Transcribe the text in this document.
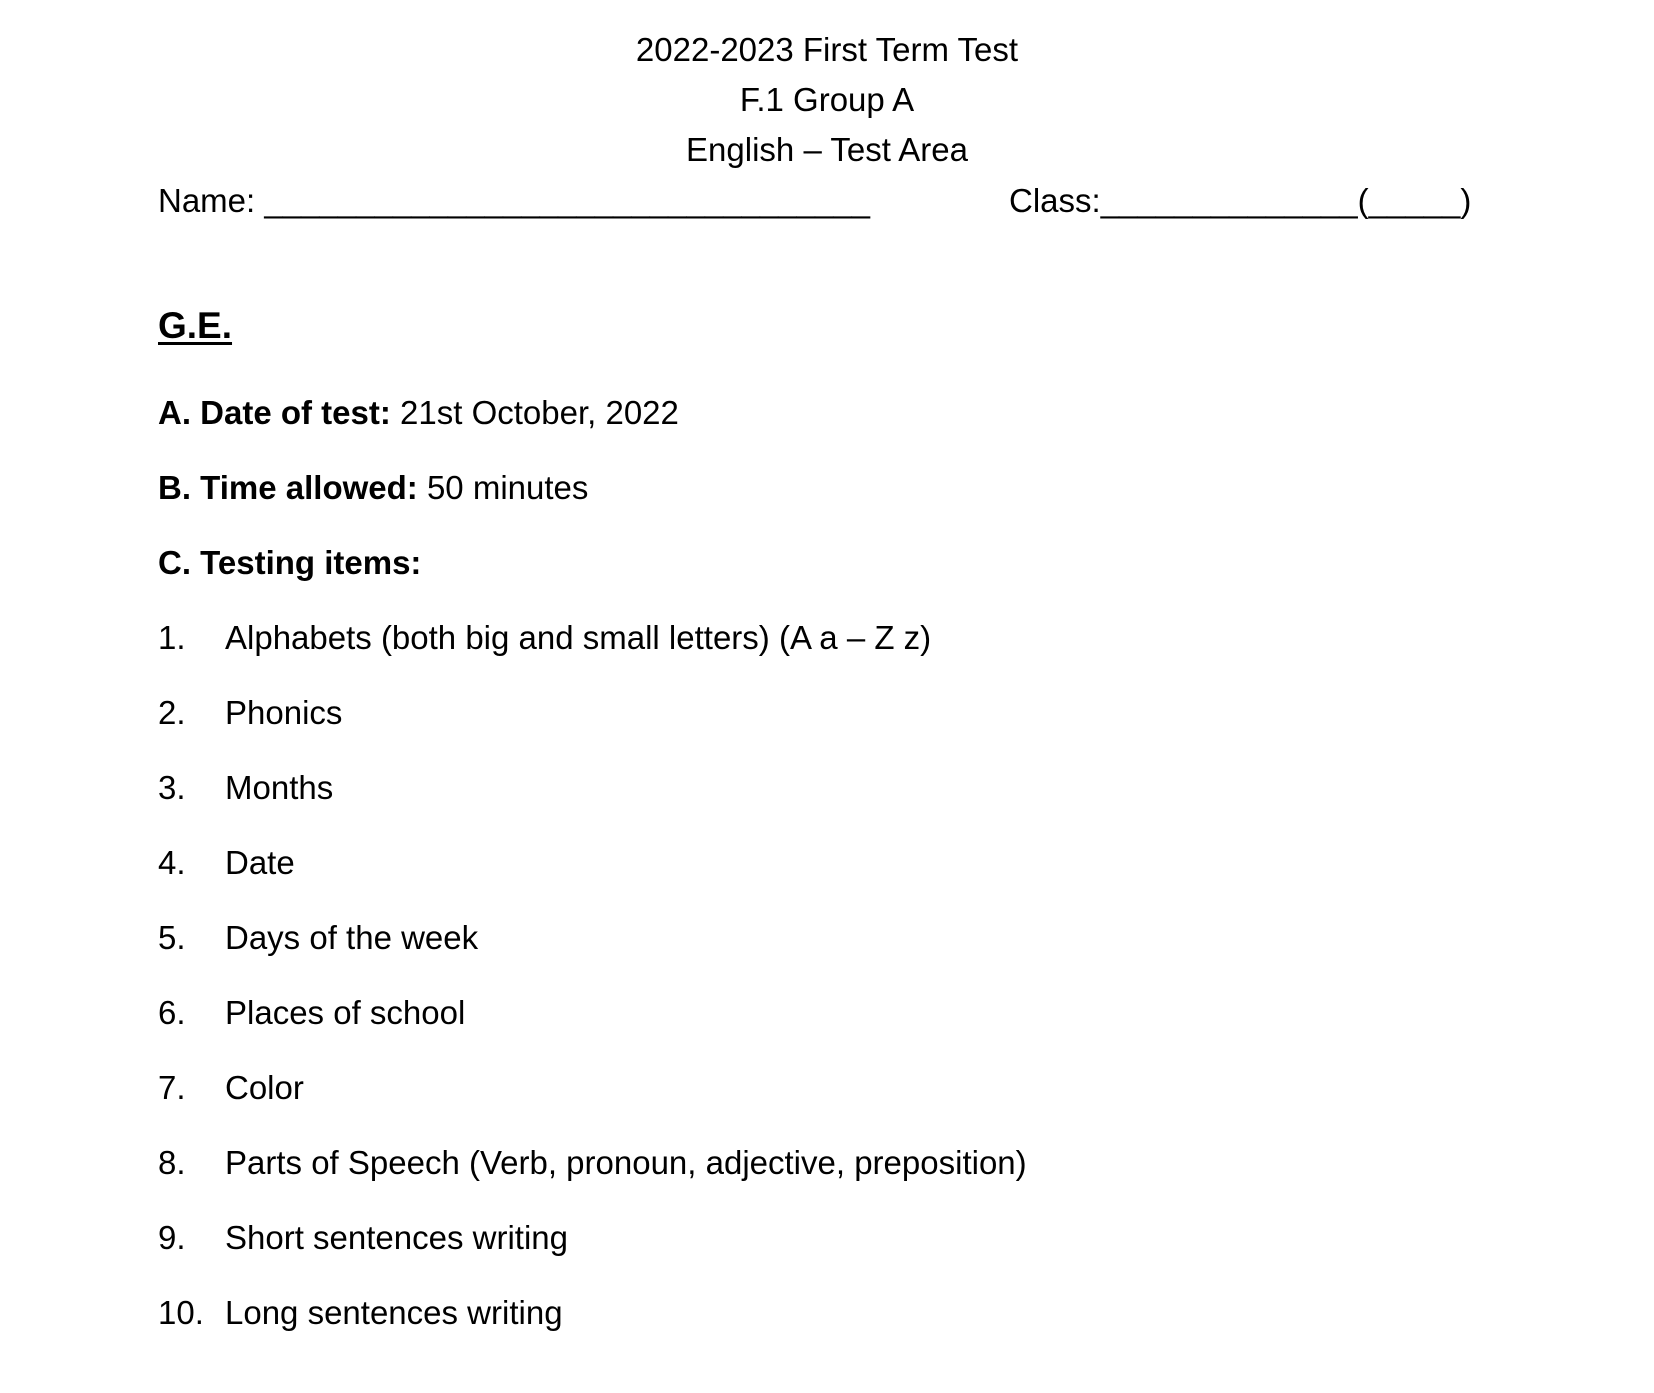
2022-2023 First Term Test
F.1 Group A
English – Test Area
Name: _________________________________	Class:______________(_____)
G.E.
A. Date of test: 21st October, 2022
B. Time allowed: 50 minutes
C. Testing items:
1. Alphabets (both big and small letters) (A a – Z z)
2. Phonics
3. Months
4. Date
5. Days of the week
6. Places of school
7. Color
8. Parts of Speech (Verb, pronoun, adjective, preposition)
9. Short sentences writing
10. Long sentences writing
